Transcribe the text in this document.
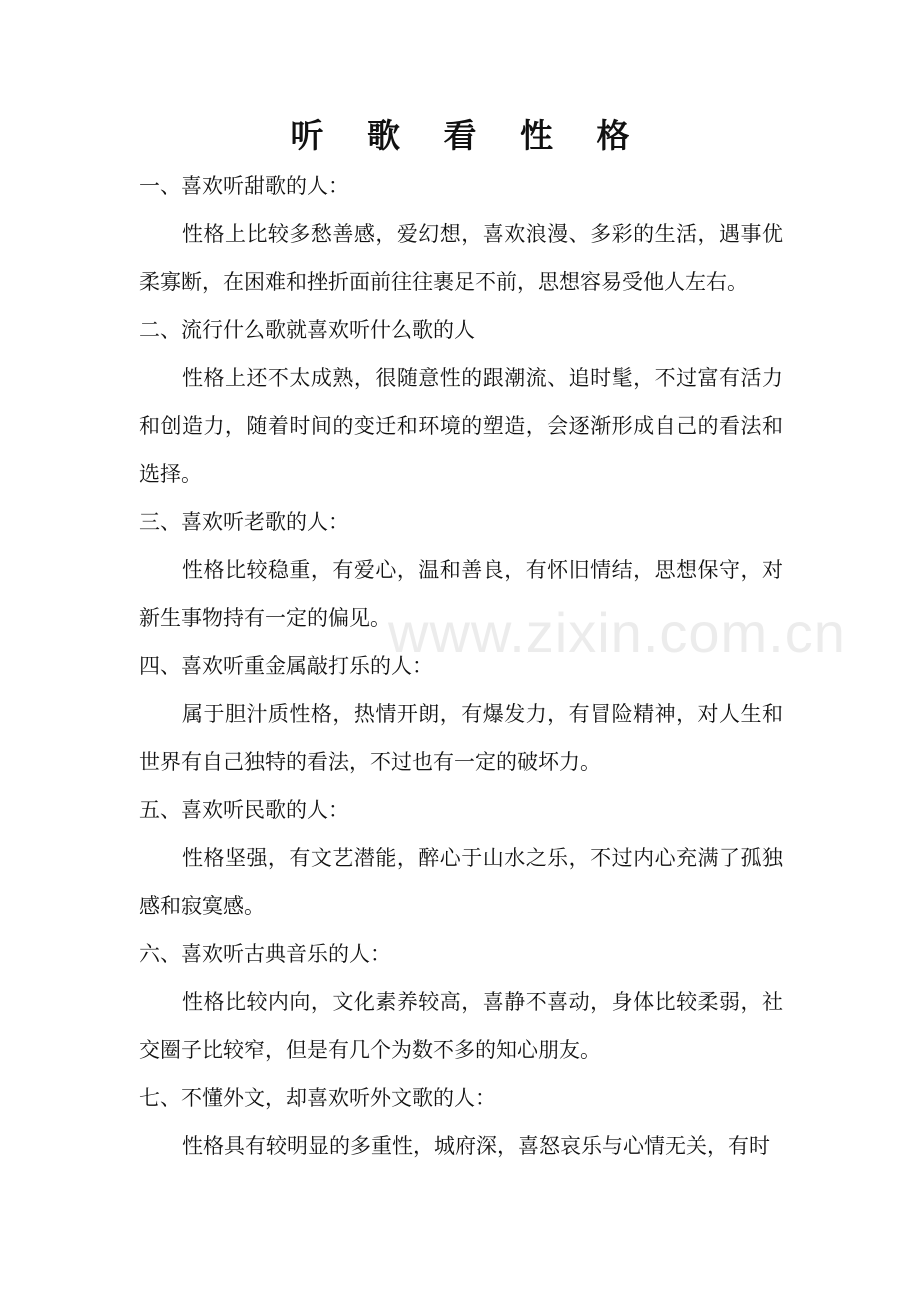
听 歌 看 性 格

一、喜欢听甜歌的人：

性格上比较多愁善感，爱幻想，喜欢浪漫、多彩的生活，遇事优柔寡断，在困难和挫折面前往往裹足不前，思想容易受他人左右。

二、流行什么歌就喜欢听什么歌的人

性格上还不太成熟，很随意性的跟潮流、追时髦，不过富有活力和创造力，随着时间的变迁和环境的塑造，会逐渐形成自己的看法和选择。

三、喜欢听老歌的人：

性格比较稳重，有爱心，温和善良，有怀旧情结，思想保守，对新生事物持有一定的偏见。

四、喜欢听重金属敲打乐的人：

属于胆汁质性格，热情开朗，有爆发力，有冒险精神，对人生和世界有自己独特的看法，不过也有一定的破坏力。

五、喜欢听民歌的人：

性格坚强，有文艺潜能，醉心于山水之乐，不过内心充满了孤独感和寂寞感。

六、喜欢听古典音乐的人：

性格比较内向，文化素养较高，喜静不喜动，身体比较柔弱，社交圈子比较窄，但是有几个为数不多的知心朋友。

七、不懂外文，却喜欢听外文歌的人：

性格具有较明显的多重性，城府深，喜怒哀乐与心情无关，有时

www.zixin.com.cn
